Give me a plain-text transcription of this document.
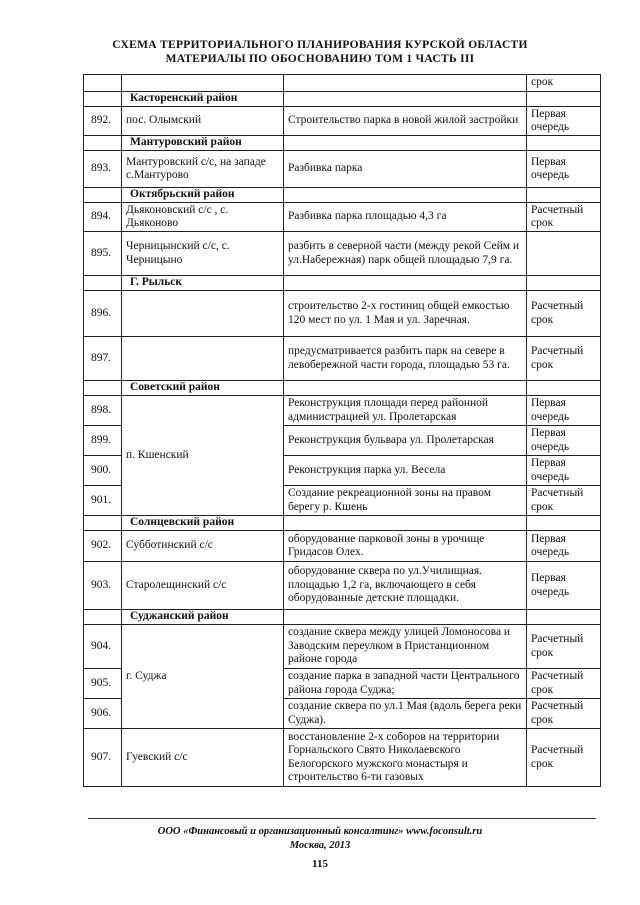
СХЕМА ТЕРРИТОРИАЛЬНОГО ПЛАНИРОВАНИЯ КУРСКОЙ ОБЛАСТИ
МАТЕРИАЛЫ ПО ОБОСНОВАНИЮ ТОМ 1 ЧАСТЬ III
			срок
	Касторенский район		
892.	пос. Олымский	Строительство парка в новой жилой застройки	Первая очередь
	Мантуровский район		
893.	Мантуровский с/с, на западе с.Мантурово	Разбивка парка	Первая очередь
	Октябрьский район		
894.	Дьяконовский с/с , с. Дьяконово	Разбивка парка площадью 4,3 га	Расчетный срок
895.	Черницынский с/с, с. Черницыно	разбить в северной части (между рекой Сейм и ул.Набережная) парк общей площадью 7,9 га.	
	Г. Рыльск		
896.		строительство 2-х гостиниц общей емкостью 120 мест по ул. 1 Мая и ул. Заречная.	Расчетный срок
897.		предусматривается разбить парк на севере в левобережной части города, площадью 53 га.	Расчетный срок
	Советский район		
898.	п. Кшенский	Реконструкция площади перед районной администрацией ул. Пролетарская	Первая очередь
899.		Реконструкция бульвара ул. Пролетарская	Первая очередь
900.		Реконструкция парка ул. Весела	Первая очередь
901.		Создание рекреационной зоны на правом берегу р. Кшень	Расчетный срок
	Солнцевский район		
902.	Субботинский с/с	оборудование парковой зоны в урочище Гридасов Олех.	Первая очередь
903.	Старолещинский с/с	оборудование сквера по ул.Училищная. площадью 1,2 га, включающего в себя оборудованные детские площадки.	Первая очередь
	Суджанский район		
904.	г. Суджа	создание сквера между улицей Ломоносова и Заводским переулком в Пристанционном районе города	Расчетный срок
905.		создание парка в западной части Центрального района города Суджа;	Расчетный срок
906.		создание сквера по ул.1 Мая (вдоль берега реки Суджа).	Расчетный срок
907.	Гуевский с/с	восстановление 2-х соборов на территории Горнальского Свято Николаевского Белогорского мужского монастыря и строительство 6-ти газовых	Расчетный срок
ООО «Финансовый и организационный консалтинг» www.foconsult.ru
Москва, 2013
115
